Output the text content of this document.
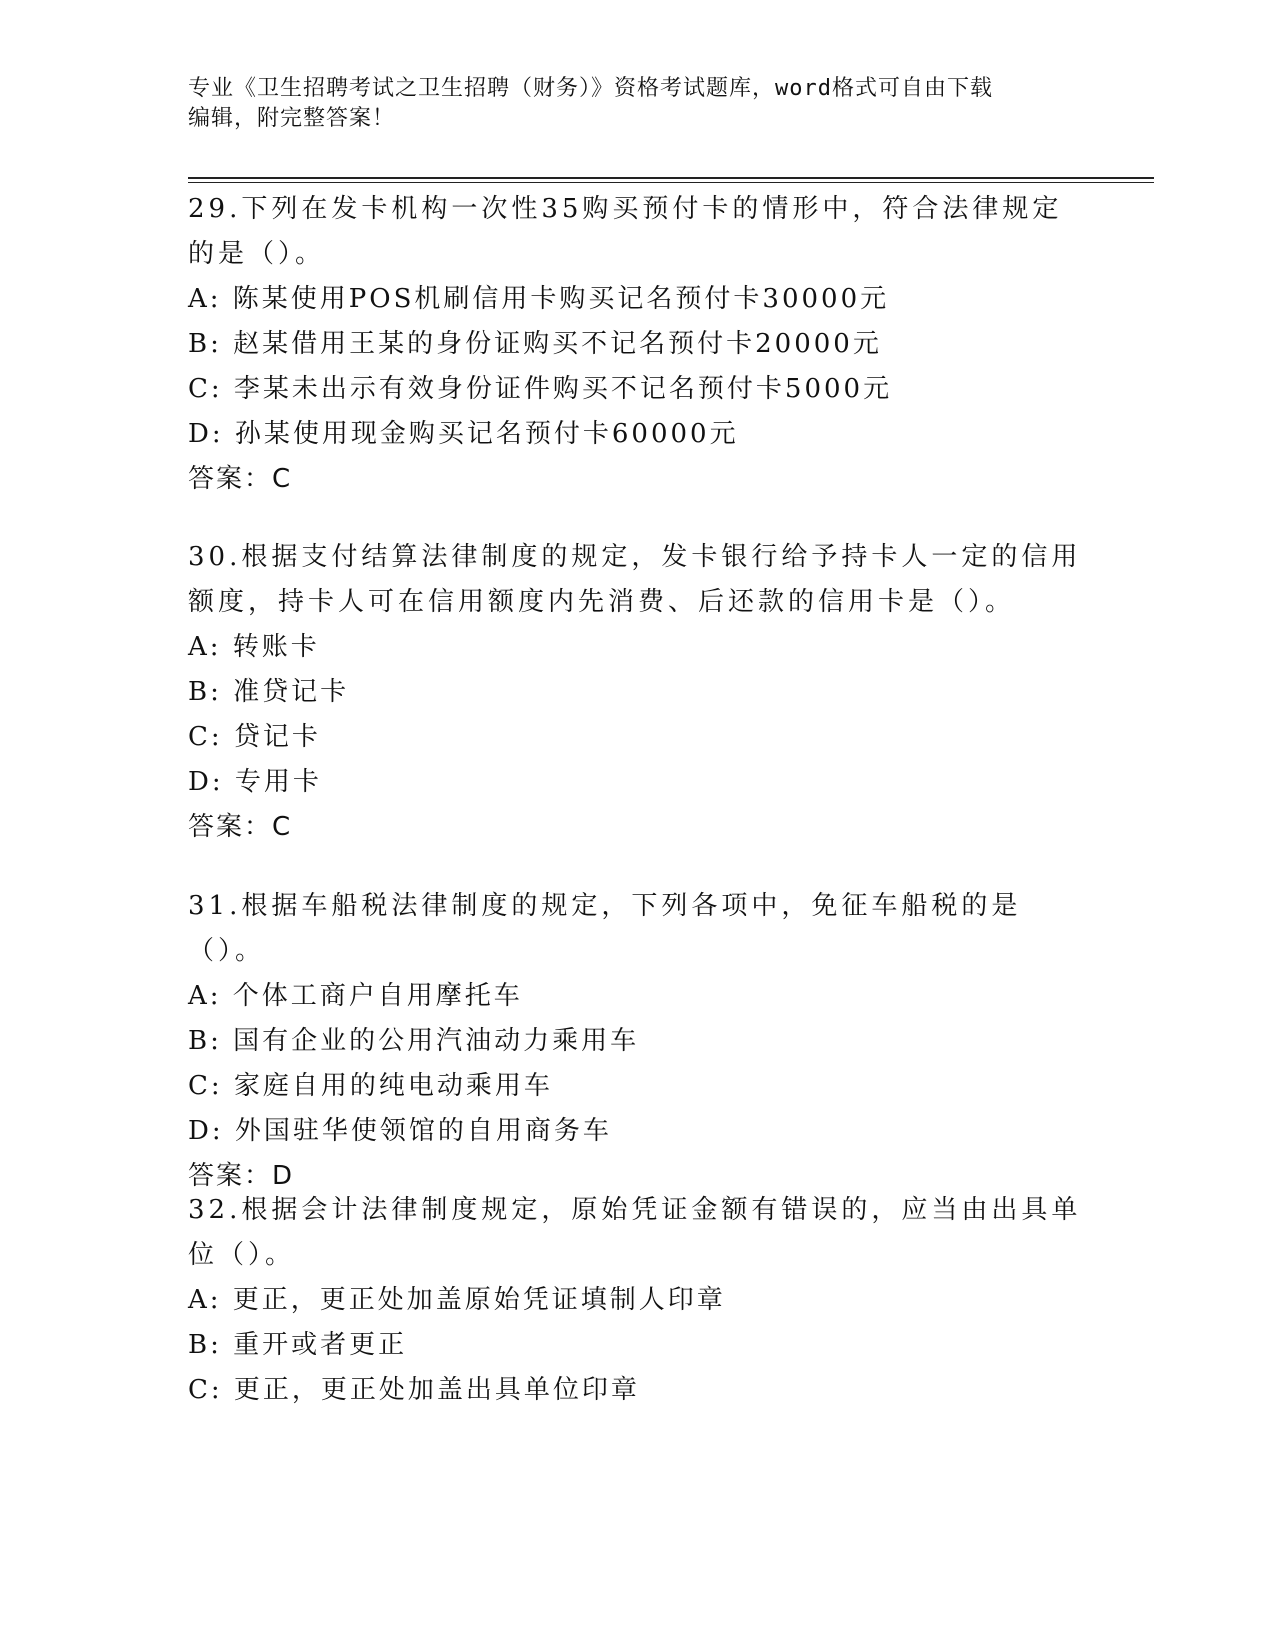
专业《卫生招聘考试之卫生招聘（财务）》资格考试题库，word格式可自由下载
编辑，附完整答案！

29.下列在发卡机构一次性35购买预付卡的情形中，符合法律规定的是（）。

A: 陈某使用POS机刷信用卡购买记名预付卡30000元

B: 赵某借用王某的身份证购买不记名预付卡20000元

C: 李某未出示有效身份证件购买不记名预付卡5000元

D: 孙某使用现金购买记名预付卡60000元

答案：C

30.根据支付结算法律制度的规定，发卡银行给予持卡人一定的信用额度，持卡人可在信用额度内先消费、后还款的信用卡是（）。

A: 转账卡

B: 准贷记卡

C: 贷记卡

D: 专用卡

答案：C

31.根据车船税法律制度的规定，下列各项中，免征车船税的是（）。

A: 个体工商户自用摩托车

B: 国有企业的公用汽油动力乘用车

C: 家庭自用的纯电动乘用车

D: 外国驻华使领馆的自用商务车

答案：D

32.根据会计法律制度规定，原始凭证金额有错误的，应当由出具单位（）。

A: 更正，更正处加盖原始凭证填制人印章

B: 重开或者更正

C: 更正，更正处加盖出具单位印章
